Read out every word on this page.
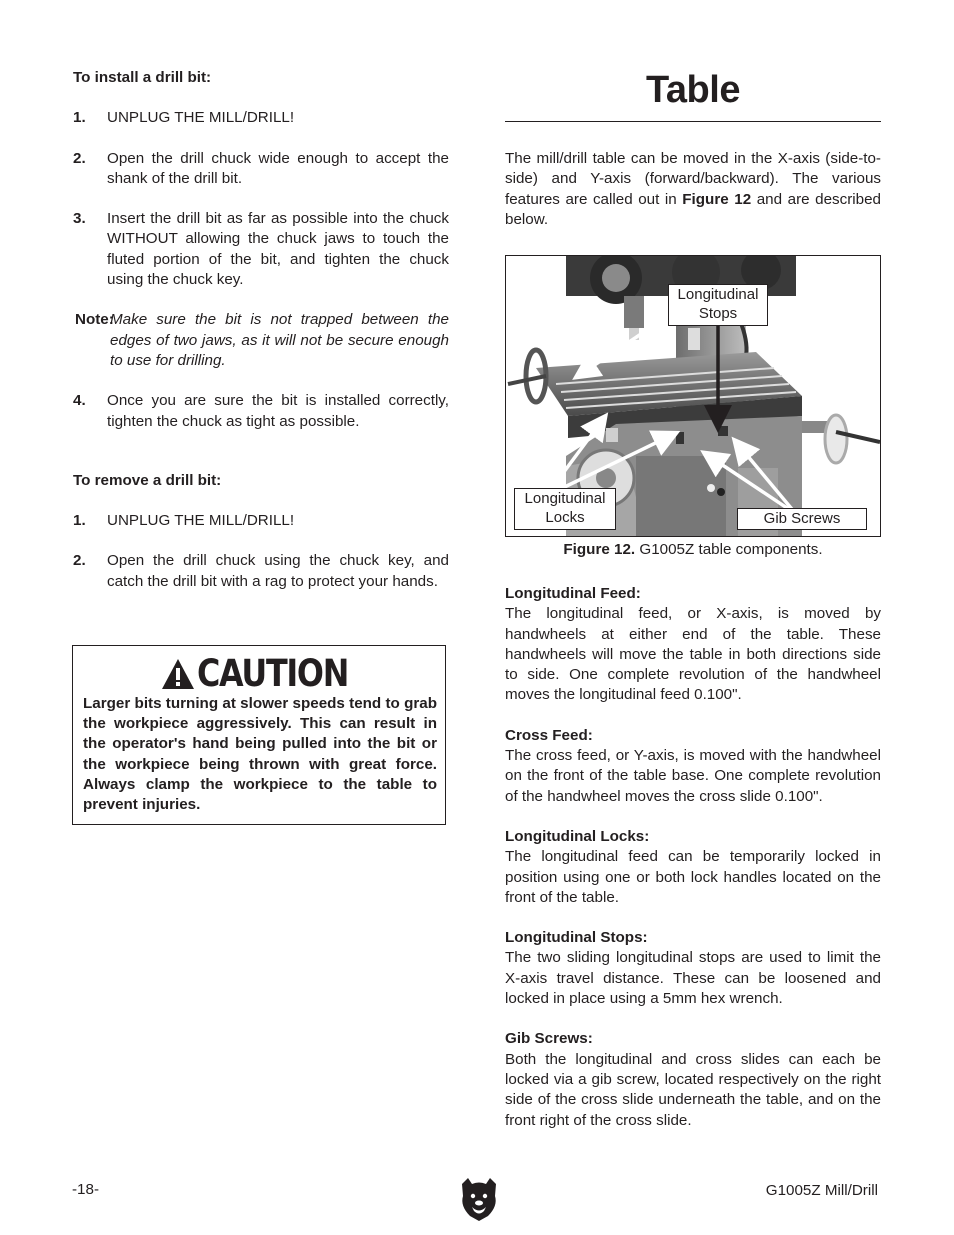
To install a drill bit:

1.	UNPLUG THE MILL/DRILL!
2.	Open the drill chuck wide enough to accept the shank of the drill bit.
3.	Insert the drill bit as far as possible into the chuck WITHOUT allowing the chuck jaws to touch the fluted portion of the bit, and tighten the chuck using the chuck key.
Note:
Make sure the bit is not trapped between the edges of two jaws, as it will not be secure enough to use for drilling.
4.	Once you are sure the bit is installed correctly, tighten the chuck as tight as possible.

To remove a drill bit:

1.	UNPLUG THE MILL/DRILL!
2.	Open the drill chuck using the chuck key, and catch the drill bit with a rag to protect your hands.
CAUTION
Larger bits turning at slower speeds tend to grab the workpiece aggressively. This can result in the operator's hand being pulled into the bit or the workpiece being thrown with great force. Always clamp the workpiece to the table to prevent injuries.
Table

The mill/drill table can be moved in the X-axis (side-to-side) and Y-axis (forward/backward). The various features are called out in Figure 12 and are described below.

Longitudinal Stops
Longitudinal Locks	Gib Screws
Figure 12. G1005Z table components.

Longitudinal Feed:

The longitudinal feed, or X-axis, is moved by handwheels at either end of the table. These handwheels will move the table in both directions side to side. One complete revolution of the handwheel moves the longitudinal feed 0.100".

Cross Feed:

The cross feed, or Y-axis, is moved with the handwheel on the front of the table base. One complete revolution of the handwheel moves the cross slide 0.100".

Longitudinal Locks:

The longitudinal feed can be temporarily locked in position using one or both lock handles located on the front of the table.

Longitudinal Stops:

The two sliding longitudinal stops are used to limit the X-axis travel distance. These can be loosened and locked in place using a 5mm hex wrench.

Gib Screws:

Both the longitudinal and cross slides can each be locked via a gib screw, located respectively on the right side of the cross slide underneath the table, and on the front right of the cross slide.

-18-	G1005Z Mill/Drill
